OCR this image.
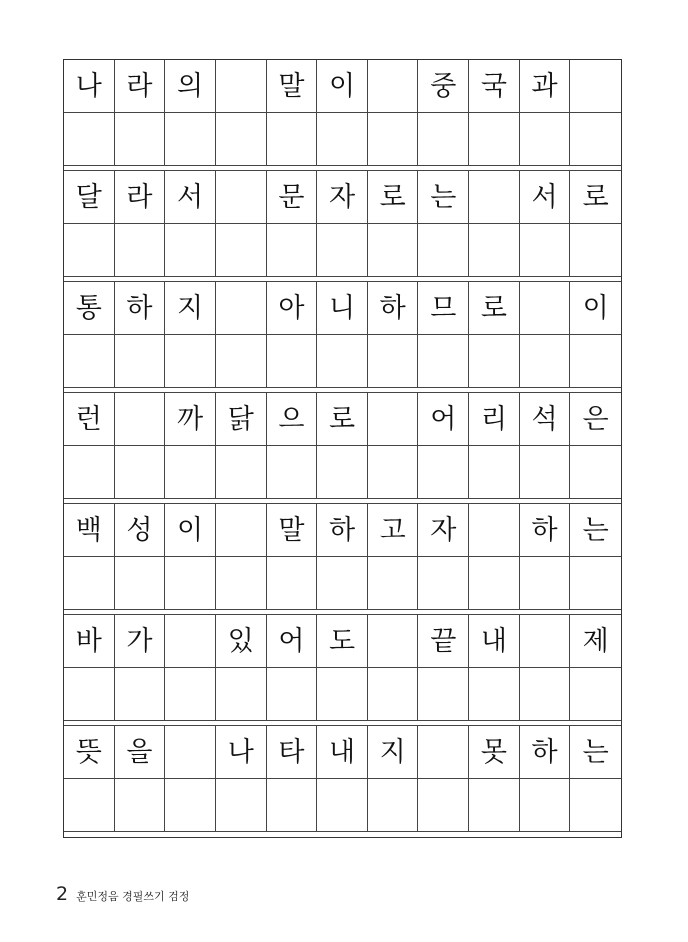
나 라 의	말 이	중 국 과
달 라 서	문 자 로 는	서 로
통 하 지	아 니 하 므 로	이
런	까 닭 으 로	어 리 석 은
백 성 이	말 하 고 자	하 는
바 가	있 어 도	끝 내	제
뜻 을	나 타 내 지	못 하 는
2 훈민정음 경필쓰기 검정
